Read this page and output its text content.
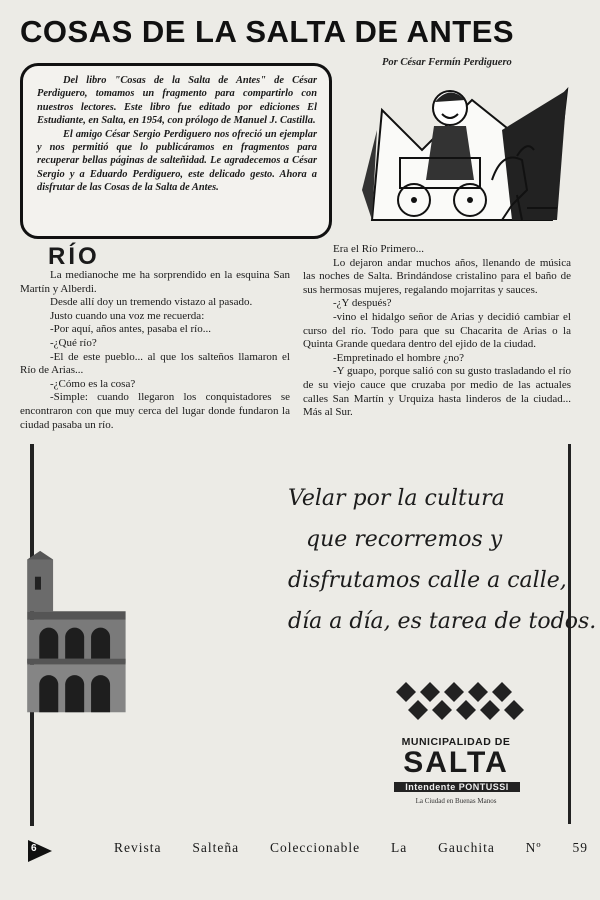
COSAS DE LA SALTA DE ANTES
Por César Fermín Perdiguero

Del libro "Cosas de la Salta de Antes" de César Perdiguero, tomamos un fragmento para compartirlo con nuestros lectores. Este libro fue editado por ediciones El Estudiante, en Salta, en 1954, con prólogo de Manuel J. Castilla.

El amigo César Sergio Perdiguero nos ofreció un ejemplar y nos permitió que lo publicáramos en fragmentos para recuperar bellas páginas de salteñidad. Le agradecemos a César Sergio y a Eduardo Perdiguero, este delicado gesto. Ahora a disfrutar de las Cosas de la Salta de Antes.

RÍO

La medianoche me ha sorprendido en la esquina San Martín y Alberdi.

Desde allí doy un tremendo vistazo al pasado.

Justo cuando una voz me recuerda:

-Por aquí, años antes, pasaba el río...

-¿Qué río?

-El de este pueblo... al que los salteños llamaron el Río de Arias...

-¿Cómo es la cosa?

-Simple: cuando llegaron los conquistadores se encontraron con que muy cerca del lugar donde fundaron la ciudad pasaba un río.

Era el Río Primero...

Lo dejaron andar muchos años, llenando de música las noches de Salta. Brindándose cristalino para el baño de sus hermosas mujeres, regalando mojarritas y sauces.

-¿Y después?

-vino el hidalgo señor de Arias y decidió cambiar el curso del río. Todo para que su Chacarita de Arias o la Quinta Grande quedara dentro del ejido de la ciudad.

-Empretinado el hombre ¿no?

-Y guapo, porque salió con su gusto trasladando el río de su viejo cauce que cruzaba por medio de las actuales calles San Martín y Urquiza hasta linderos de la ciudad... Más al Sur.

Velar por la cultura
que recorremos y
disfrutamos calle a calle,
día a día, es tarea de todos.
MUNICIPALIDAD DE
SALTA
Intendente PONTUSSI
La Ciudad en Buenas Manos
6	Revista Salteña Coleccionable La Gauchita Nº 59
